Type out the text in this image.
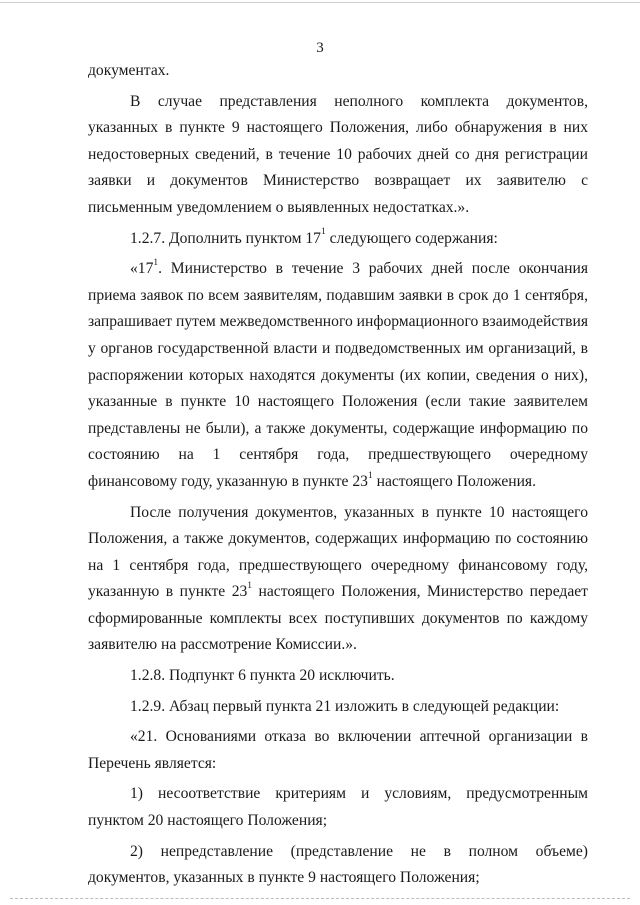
3

документах.

В случае представления неполного комплекта документов, указанных в пункте 9 настоящего Положения, либо обнаружения в них недостоверных сведений, в течение 10 рабочих дней со дня регистрации заявки и документов Министерство возвращает их заявителю с письменным уведомлением о выявленных недостатках.».

1.2.7. Дополнить пунктом $17^1$ следующего содержания:

«$17^1$. Министерство в течение 3 рабочих дней после окончания приема заявок по всем заявителям, подавшим заявки в срок до 1 сентября, запрашивает путем межведомственного информационного взаимодействия у органов государственной власти и подведомственных им организаций, в распоряжении которых находятся документы (их копии, сведения о них), указанные в пункте 10 настоящего Положения (если такие заявителем представлены не были), а также документы, содержащие информацию по состоянию на 1 сентября года, предшествующего очередному финансовому году, указанную в пункте $23^1$ настоящего Положения.

После получения документов, указанных в пункте 10 настоящего Положения, а также документов, содержащих информацию по состоянию на 1 сентября года, предшествующего очередному финансовому году, указанную в пункте $23^1$ настоящего Положения, Министерство передает сформированные комплекты всех поступивших документов по каждому заявителю на рассмотрение Комиссии.».

1.2.8. Подпункт 6 пункта 20 исключить.

1.2.9. Абзац первый пункта 21 изложить в следующей редакции:

«21. Основаниями отказа во включении аптечной организации в Перечень является:

1) несоответствие критериям и условиям, предусмотренным пунктом 20 настоящего Положения;

2) непредставление (представление не в полном объеме) документов, указанных в пункте 9 настоящего Положения;
